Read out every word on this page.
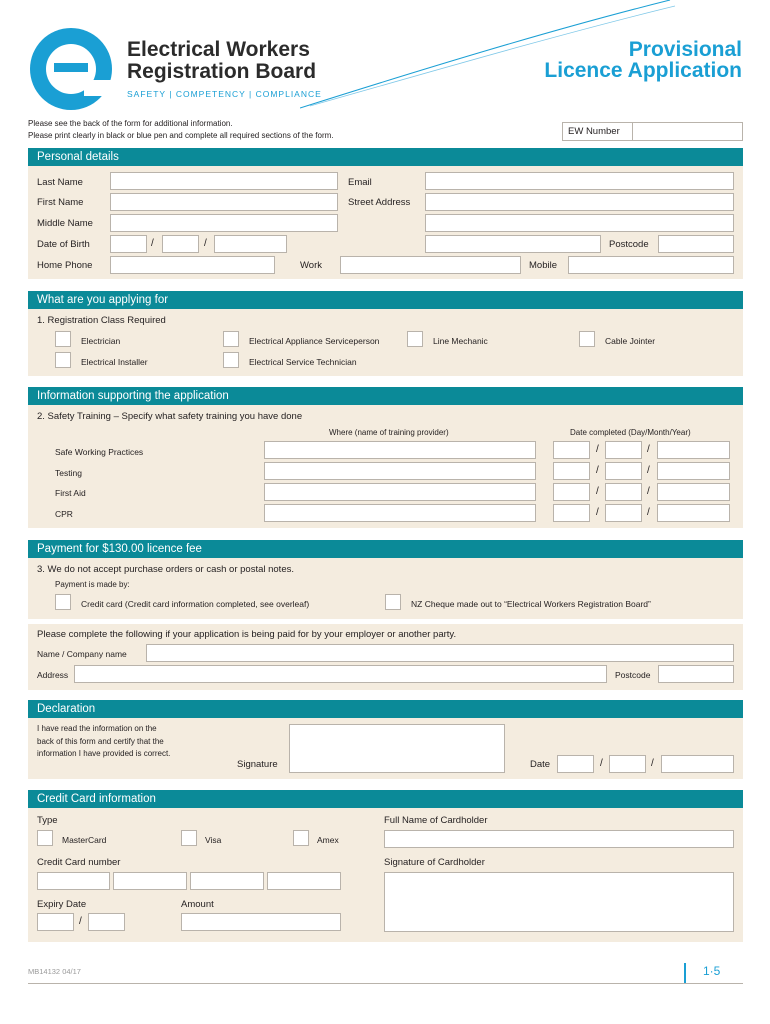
Electrical Workers
Registration Board
SAFETY | COMPETENCY | COMPLIANCE
Provisional
Licence Application
Please see the back of the form for additional information.
Please print clearly in black or blue pen and complete all required sections of the form.	EW Number
Personal details
Last Name	Email
First Name	Street Address
Middle Name
Date of Birth	/	/	Postcode
Home Phone	Work	Mobile
What are you applying for
1. Registration Class Required
Electrician	Electrical Appliance Serviceperson	Line Mechanic	Cable Jointer
Electrical Installer	Electrical Service Technician
Information supporting the application
2. Safety Training – Specify what safety training you have done
Where (name of training provider)	Date completed (Day/Month/Year)
Safe Working Practices	/	/
Testing	/	/
First Aid	/	/
CPR	/	/
Payment for $130.00 licence fee
3. We do not accept purchase orders or cash or postal notes.
Payment is made by:
Credit card (Credit card information completed, see overleaf)	NZ Cheque made out to “Electrical Workers Registration Board”
Please complete the following if your application is being paid for by your employer or another party.
Name / Company name
Address	Postcode
Declaration
I have read the information on the
back of this form and certify that the
information I have provided is correct.
Signature	Date	/	/
Credit Card information
Type
MasterCard	Visa	Amex
Credit Card number
Expiry Date
/
Amount
Full Name of Cardholder
Signature of Cardholder
MB14132 04/17	1·5
